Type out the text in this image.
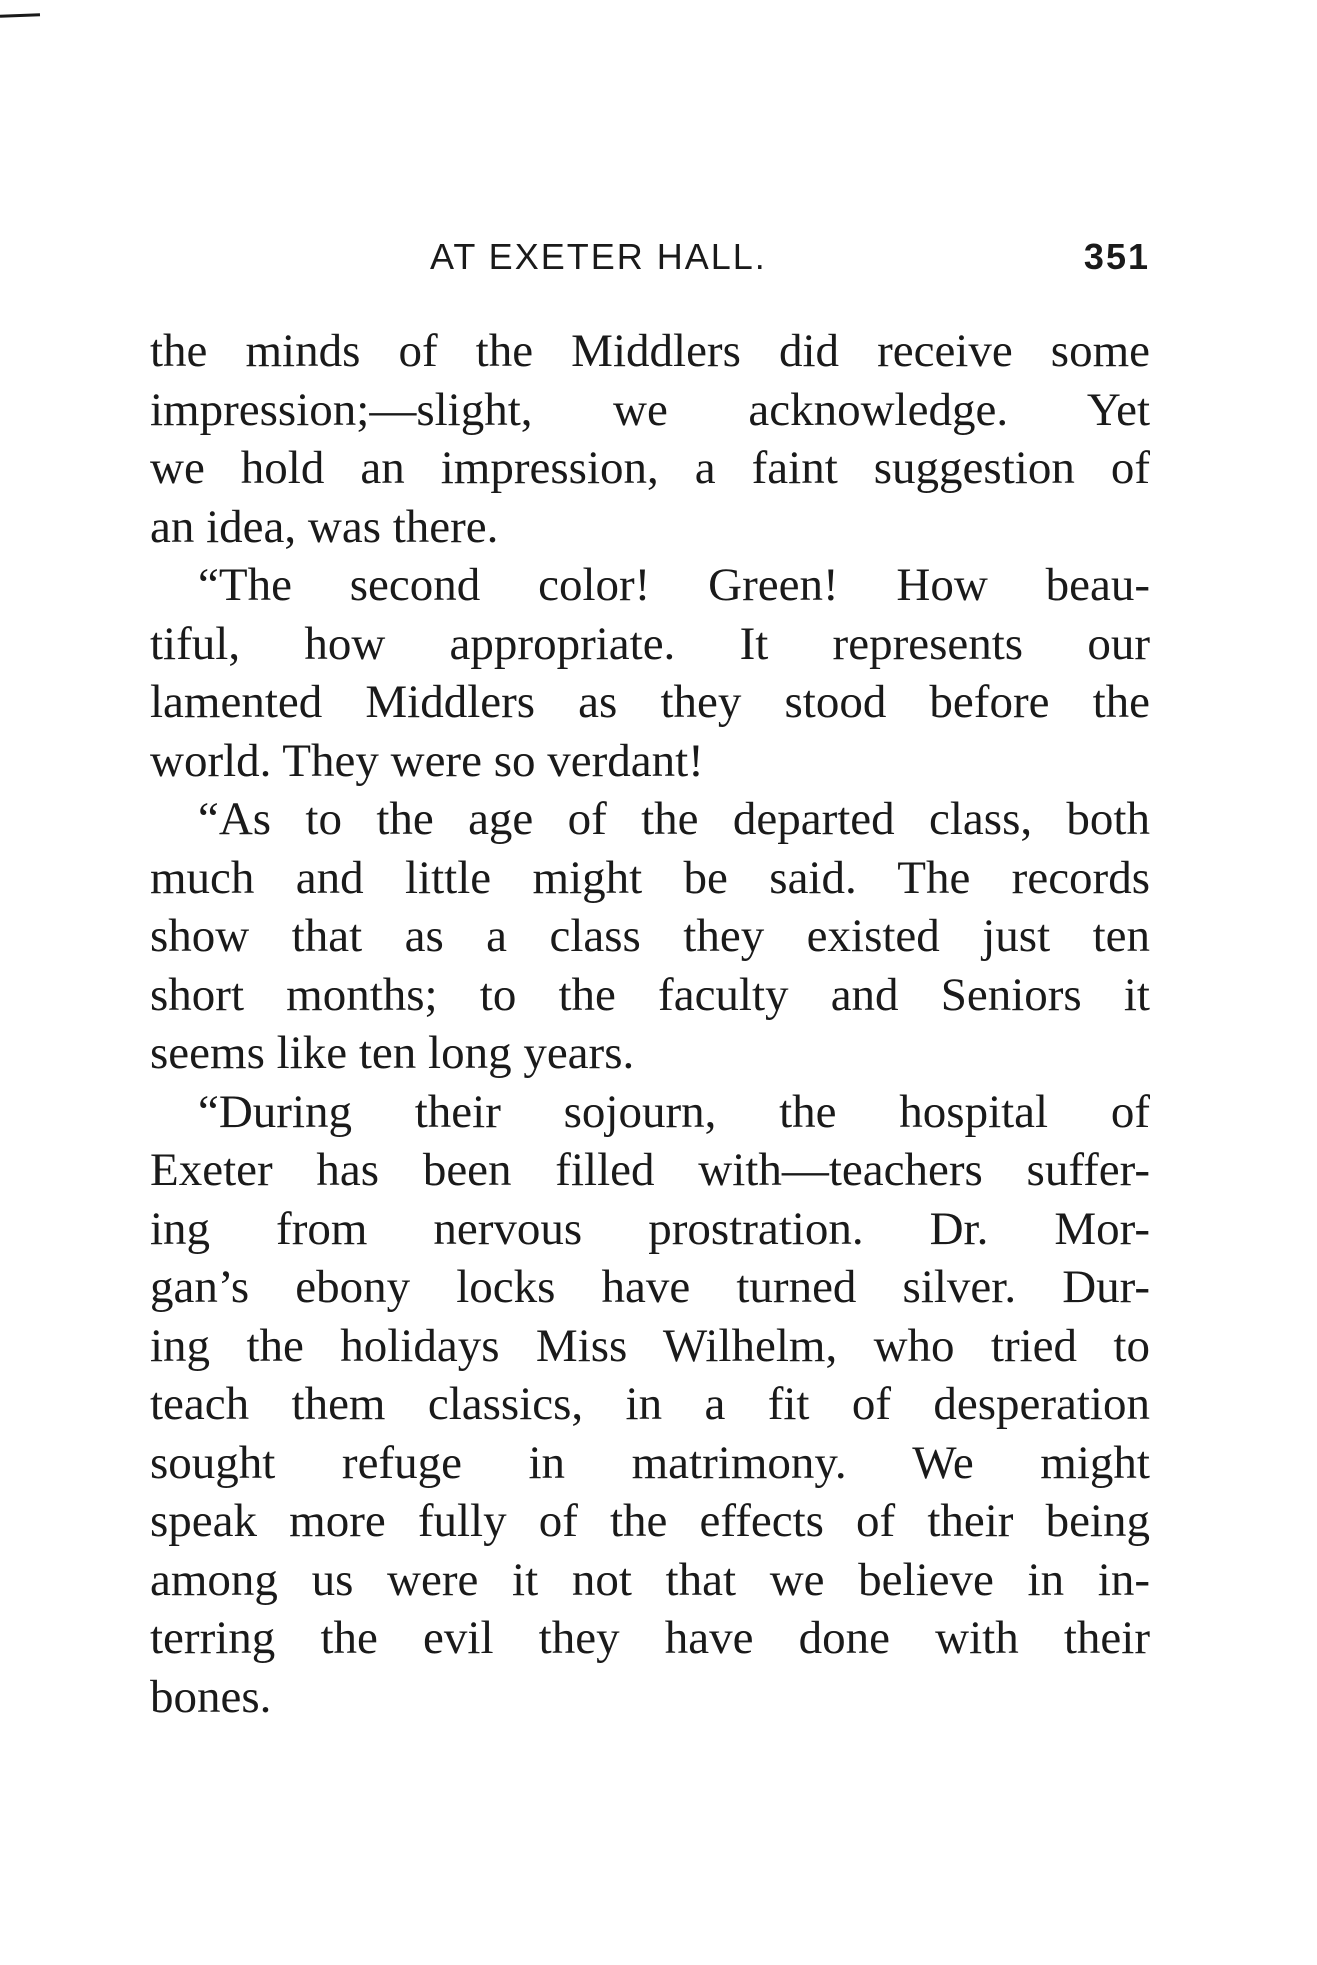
AT EXETER HALL.	351
the minds of the Middlers did receive some
impression;—slight, we acknowledge. Yet
we hold an impression, a faint suggestion of
an idea, was there.
“The second color! Green! How beau-
tiful, how appropriate. It represents our
lamented Middlers as they stood before the
world. They were so verdant!
“As to the age of the departed class, both
much and little might be said. The records
show that as a class they existed just ten
short months; to the faculty and Seniors it
seems like ten long years.
“During their sojourn, the hospital of
Exeter has been filled with—teachers suffer-
ing from nervous prostration. Dr. Mor-
gan’s ebony locks have turned silver. Dur-
ing the holidays Miss Wilhelm, who tried to
teach them classics, in a fit of desperation
sought refuge in matrimony. We might
speak more fully of the effects of their being
among us were it not that we believe in in-
terring the evil they have done with their
bones.
